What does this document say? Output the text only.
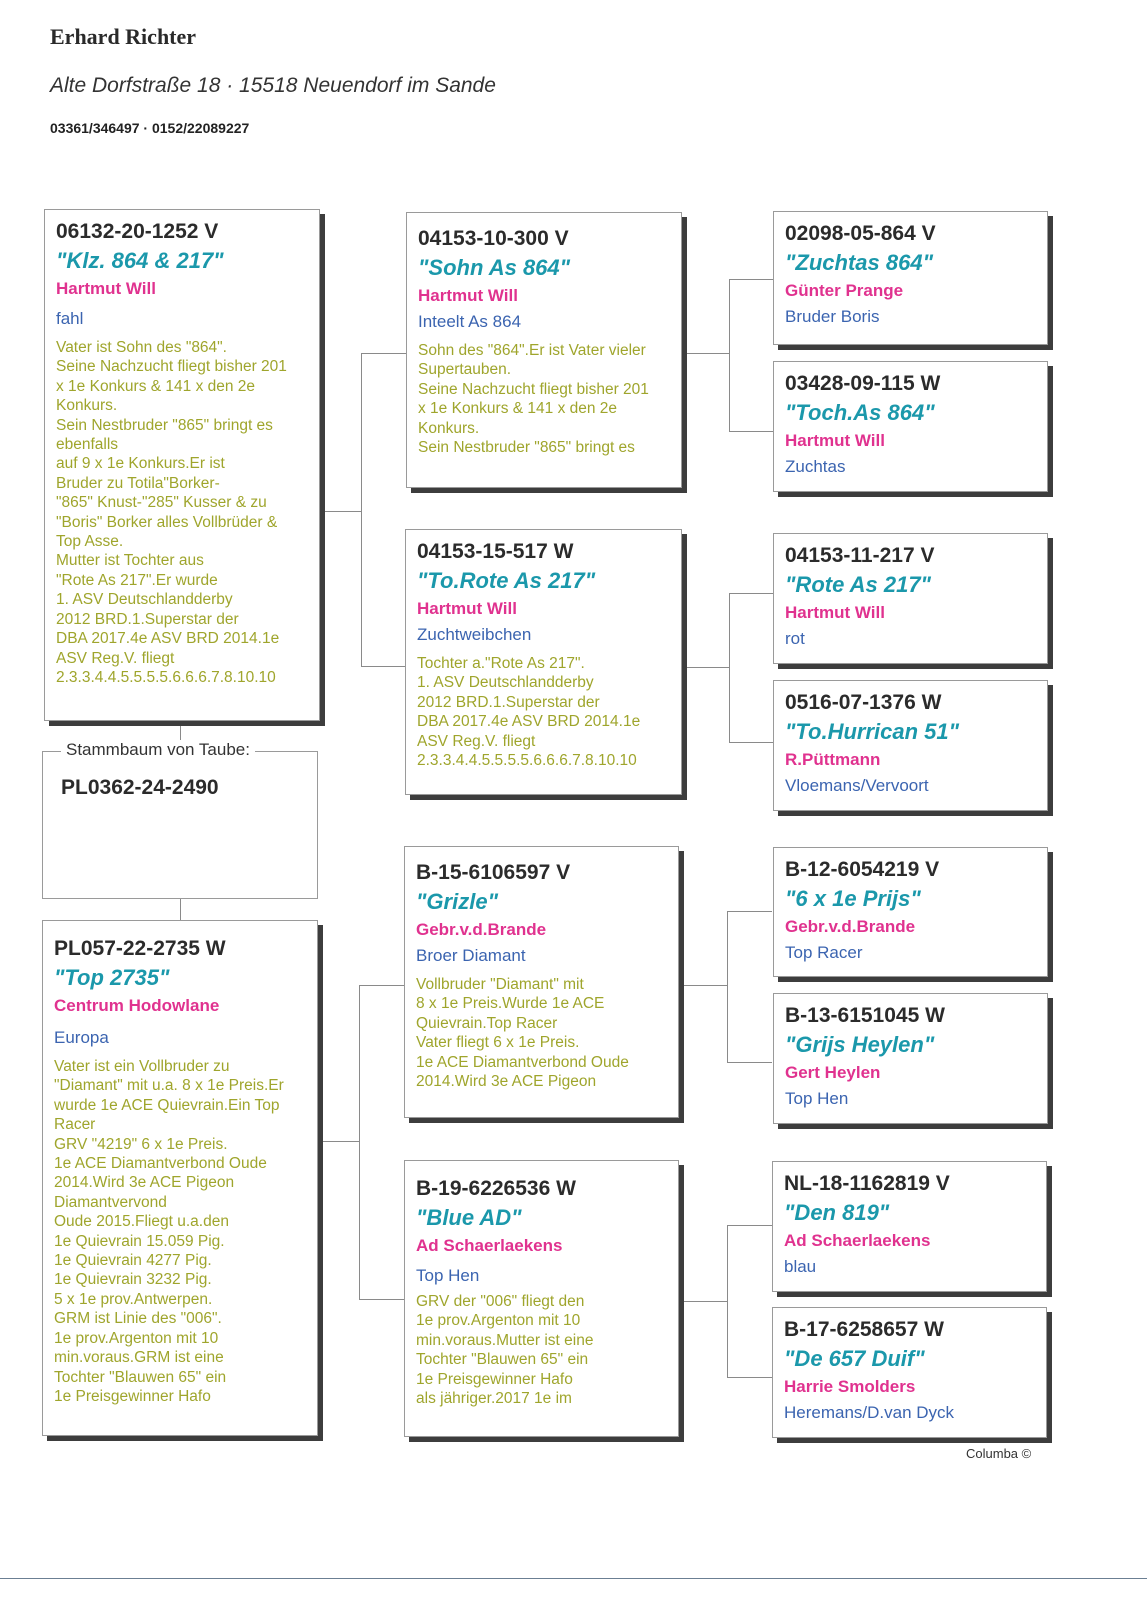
Erhard Richter
Alte Dorfstraße 18 · 15518 Neuendorf im Sande
03361/346497 · 0152/22089227
Stammbaum von Taube:
PL0362-24-2490
06132-20-1252 V
"Klz. 864 & 217"
Hartmut Will
fahl
Vater ist Sohn des "864".
Seine Nachzucht fliegt bisher 201
x 1e Konkurs & 141 x den 2e
Konkurs.
Sein Nestbruder "865" bringt es
ebenfalls
auf 9 x 1e Konkurs.Er ist
Bruder zu Totila"Borker-
"865" Knust-"285" Kusser & zu
"Boris" Borker alles Vollbrüder &
Top Asse.
Mutter ist Tochter aus
"Rote As 217".Er wurde
1. ASV Deutschlandderby
2012 BRD.1.Superstar der
DBA 2017.4e ASV BRD 2014.1e
ASV Reg.V. fliegt
2.3.3.4.4.5.5.5.5.6.6.6.7.8.10.10
PL057-22-2735 W
"Top 2735"
Centrum Hodowlane
Europa
Vater ist ein Vollbruder zu
"Diamant" mit u.a. 8 x 1e Preis.Er
wurde 1e ACE Quievrain.Ein Top
Racer
GRV "4219" 6 x 1e Preis.
1e ACE Diamantverbond Oude
2014.Wird 3e ACE Pigeon
Diamantvervond
Oude 2015.Fliegt u.a.den
1e Quievrain 15.059 Pig.
1e Quievrain 4277 Pig.
1e Quievrain 3232 Pig.
5 x 1e prov.Antwerpen.
GRM ist Linie des "006".
1e prov.Argenton mit 10
min.voraus.GRM ist eine
Tochter "Blauwen 65" ein
1e Preisgewinner Hafo
04153-10-300 V
"Sohn As 864"
Hartmut Will
Inteelt As 864
Sohn des "864".Er ist Vater vieler
Supertauben.
Seine Nachzucht fliegt bisher 201
x 1e Konkurs & 141 x den 2e
Konkurs.
Sein Nestbruder "865" bringt es
04153-15-517 W
"To.Rote As 217"
Hartmut Will
Zuchtweibchen
Tochter a."Rote As 217".
1. ASV Deutschlandderby
2012 BRD.1.Superstar der
DBA 2017.4e ASV BRD 2014.1e
ASV Reg.V. fliegt
2.3.3.4.4.5.5.5.5.6.6.6.7.8.10.10
B-15-6106597 V
"Grizle"
Gebr.v.d.Brande
Broer Diamant
Vollbruder "Diamant" mit
8 x 1e Preis.Wurde 1e ACE
Quievrain.Top Racer
Vater fliegt 6 x 1e Preis.
1e ACE Diamantverbond Oude
2014.Wird 3e ACE Pigeon
B-19-6226536 W
"Blue AD"
Ad Schaerlaekens
Top Hen
GRV der "006" fliegt den
1e prov.Argenton mit 10
min.voraus.Mutter ist eine
Tochter "Blauwen 65" ein
1e Preisgewinner Hafo
als jähriger.2017 1e im
02098-05-864 V
"Zuchtas 864"
Günter Prange
Bruder Boris
03428-09-115 W
"Toch.As 864"
Hartmut Will
Zuchtas
04153-11-217 V
"Rote As 217"
Hartmut Will
rot
0516-07-1376 W
"To.Hurrican 51"
R.Püttmann
Vloemans/Vervoort
B-12-6054219 V
"6 x 1e Prijs"
Gebr.v.d.Brande
Top Racer
B-13-6151045 W
"Grijs Heylen"
Gert Heylen
Top Hen
NL-18-1162819 V
"Den 819"
Ad Schaerlaekens
blau
B-17-6258657 W
"De 657 Duif"
Harrie Smolders
Heremans/D.van Dyck
Columba ©
